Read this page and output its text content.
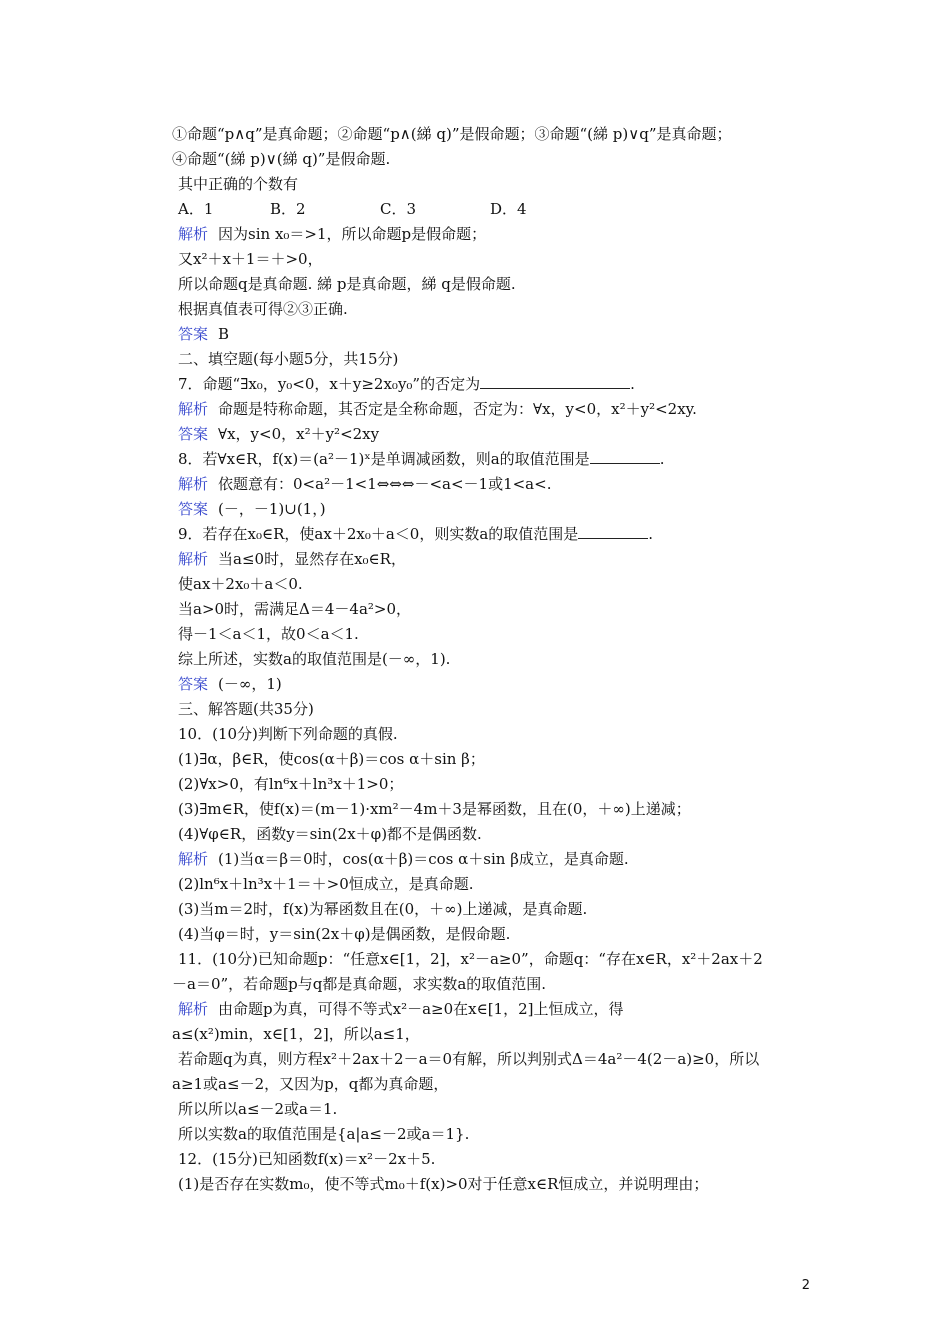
①命题“p∧q”是真命题；②命题“p∧(綈 q)”是假命题；③命题“(綈 p)∨q”是真命题；
④命题“(綈 p)∨(綈 q)”是假命题.
其中正确的个数有
A．1	B．2	C．3	D．4
解析 因为sin x₀＝>1，所以命题p是假命题；
又x²＋x＋1＝＋>0，
所以命题q是真命题. 綈 p是真命题，綈 q是假命题.
根据真值表可得②③正确.
答案 B
二、填空题(每小题5分，共15分)
7．命题“∃x₀，y₀<0，x＋y≥2x₀y₀”的否定为	.
解析 命题是特称命题，其否定是全称命题，否定为：∀x，y<0，x²＋y²<2xy.
答案 ∀x，y<0，x²＋y²<2xy
8．若∀x∈R，f(x)＝(a²－1)ˣ是单调减函数，则a的取值范围是	.
解析 依题意有：0<a²－1<1⇔⇔⇔－<a<－1或1<a<.
答案 (－，－1)∪(1，)
9．若存在x₀∈R，使ax＋2x₀＋a＜0，则实数a的取值范围是	.
解析 当a≤0时，显然存在x₀∈R，
使ax＋2x₀＋a＜0.
当a>0时，需满足Δ＝4－4a²>0，
得－1＜a＜1，故0＜a＜1.
综上所述，实数a的取值范围是(－∞，1).
答案 (－∞，1)
三、解答题(共35分)
10．(10分)判断下列命题的真假.
(1)∃α，β∈R，使cos(α＋β)＝cos α＋sin β；
(2)∀x>0，有ln⁶x＋ln³x＋1>0；
(3)∃m∈R，使f(x)＝(m－1)·xm²－4m＋3是幂函数，且在(0，＋∞)上递减；
(4)∀φ∈R，函数y＝sin(2x＋φ)都不是偶函数.
解析 (1)当α＝β＝0时，cos(α＋β)＝cos α＋sin β成立，是真命题.
(2)ln⁶x＋ln³x＋1＝＋>0恒成立，是真命题.
(3)当m＝2时，f(x)为幂函数且在(0，＋∞)上递减，是真命题.
(4)当φ＝时，y＝sin(2x＋φ)是偶函数，是假命题.
11．(10分)已知命题p：“任意x∈[1，2]，x²－a≥0”，命题q：“存在x∈R，x²＋2ax＋2
－a＝0”，若命题p与q都是真命题，求实数a的取值范围.
解析 由命题p为真，可得不等式x²－a≥0在x∈[1，2]上恒成立，得
a≤(x²)min，x∈[1，2]，所以a≤1，
若命题q为真，则方程x²＋2ax＋2－a＝0有解，所以判别式Δ＝4a²－4(2－a)≥0，所以
a≥1或a≤－2，又因为p，q都为真命题，
所以所以a≤－2或a＝1.
所以实数a的取值范围是{a|a≤－2或a＝1}.
12．(15分)已知函数f(x)＝x²－2x＋5.
(1)是否存在实数m₀，使不等式m₀＋f(x)>0对于任意x∈R恒成立，并说明理由；
2
